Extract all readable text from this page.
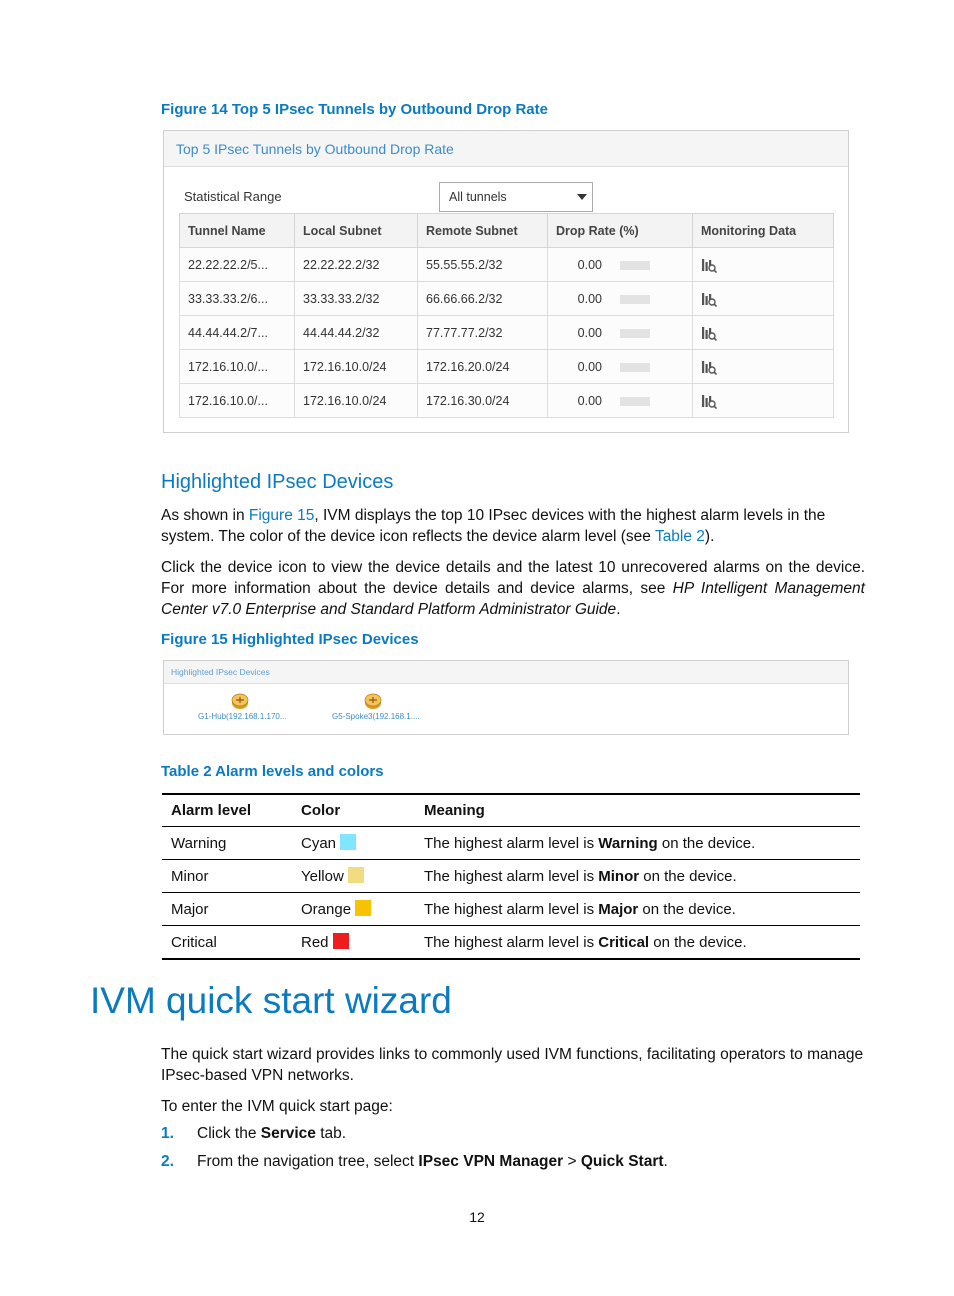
Figure 14 Top 5 IPsec Tunnels by Outbound Drop Rate
Top 5 IPsec Tunnels by Outbound Drop Rate
Statistical Range	All tunnels
Tunnel Name	Local Subnet	Remote Subnet	Drop Rate (%)	Monitoring Data
22.22.22.2/5...	22.22.22.2/32	55.55.55.2/32	0.00	
33.33.33.2/6...	33.33.33.2/32	66.66.66.2/32	0.00	
44.44.44.2/7...	44.44.44.2/32	77.77.77.2/32	0.00	
172.16.10.0/...	172.16.10.0/24	172.16.20.0/24	0.00	
172.16.10.0/...	172.16.10.0/24	172.16.30.0/24	0.00	
Highlighted IPsec Devices
As shown in Figure 15, IVM displays the top 10 IPsec devices with the highest alarm levels in the system. The color of the device icon reflects the device alarm level (see Table 2).
Click the device icon to view the device details and the latest 10 unrecovered alarms on the device. For more information about the device details and device alarms, see HP Intelligent Management Center v7.0 Enterprise and Standard Platform Administrator Guide.
Figure 15 Highlighted IPsec Devices
Highlighted IPsec Devices
G1-Hub(192.168.1.170...	G5-Spoke3(192.168.1....
Table 2 Alarm levels and colors
Alarm level	Color	Meaning
Warning	Cyan	The highest alarm level is Warning on the device.
Minor	Yellow	The highest alarm level is Minor on the device.
Major	Orange	The highest alarm level is Major on the device.
Critical	Red	The highest alarm level is Critical on the device.
IVM quick start wizard
The quick start wizard provides links to commonly used IVM functions, facilitating operators to manage IPsec-based VPN networks.
To enter the IVM quick start page:
1. Click the Service tab.
2. From the navigation tree, select IPsec VPN Manager > Quick Start.
12
